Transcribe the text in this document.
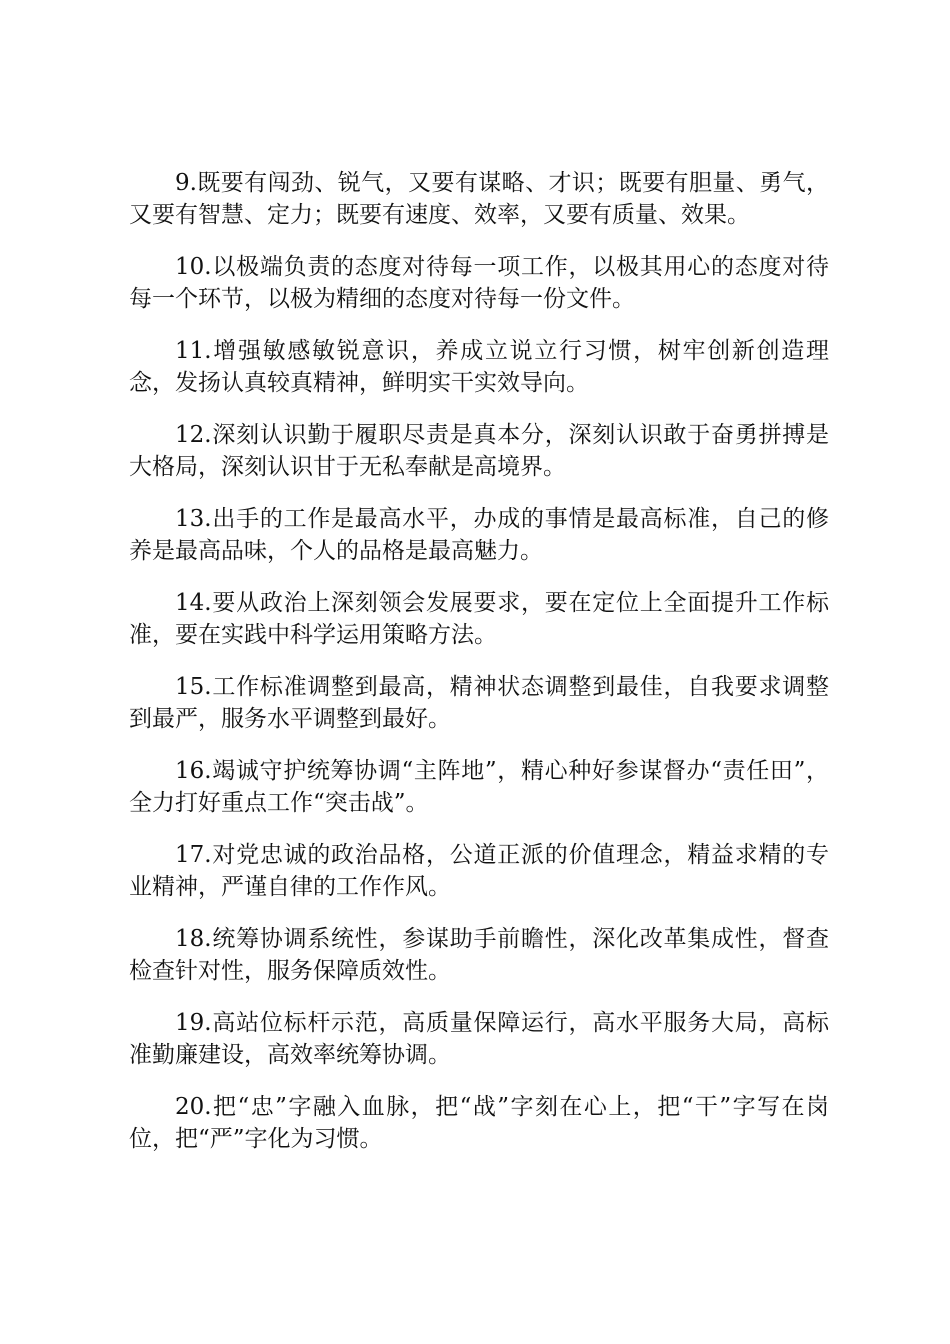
9.既要有闯劲、锐气，又要有谋略、才识；既要有胆量、勇气，又要有智慧、定力；既要有速度、效率，又要有质量、效果。

10.以极端负责的态度对待每一项工作，以极其用心的态度对待每一个环节，以极为精细的态度对待每一份文件。

11.增强敏感敏锐意识，养成立说立行习惯，树牢创新创造理念，发扬认真较真精神，鲜明实干实效导向。

12.深刻认识勤于履职尽责是真本分，深刻认识敢于奋勇拼搏是大格局，深刻认识甘于无私奉献是高境界。

13.出手的工作是最高水平，办成的事情是最高标准，自己的修养是最高品味，个人的品格是最高魅力。

14.要从政治上深刻领会发展要求，要在定位上全面提升工作标准，要在实践中科学运用策略方法。

15.工作标准调整到最高，精神状态调整到最佳，自我要求调整到最严，服务水平调整到最好。

16.竭诚守护统筹协调“主阵地”，精心种好参谋督办“责任田”，全力打好重点工作“突击战”。

17.对党忠诚的政治品格，公道正派的价值理念，精益求精的专业精神，严谨自律的工作作风。

18.统筹协调系统性，参谋助手前瞻性，深化改革集成性，督查检查针对性，服务保障质效性。

19.高站位标杆示范，高质量保障运行，高水平服务大局，高标准勤廉建设，高效率统筹协调。

20.把“忠”字融入血脉，把“战”字刻在心上，把“干”字写在岗位，把“严”字化为习惯。
